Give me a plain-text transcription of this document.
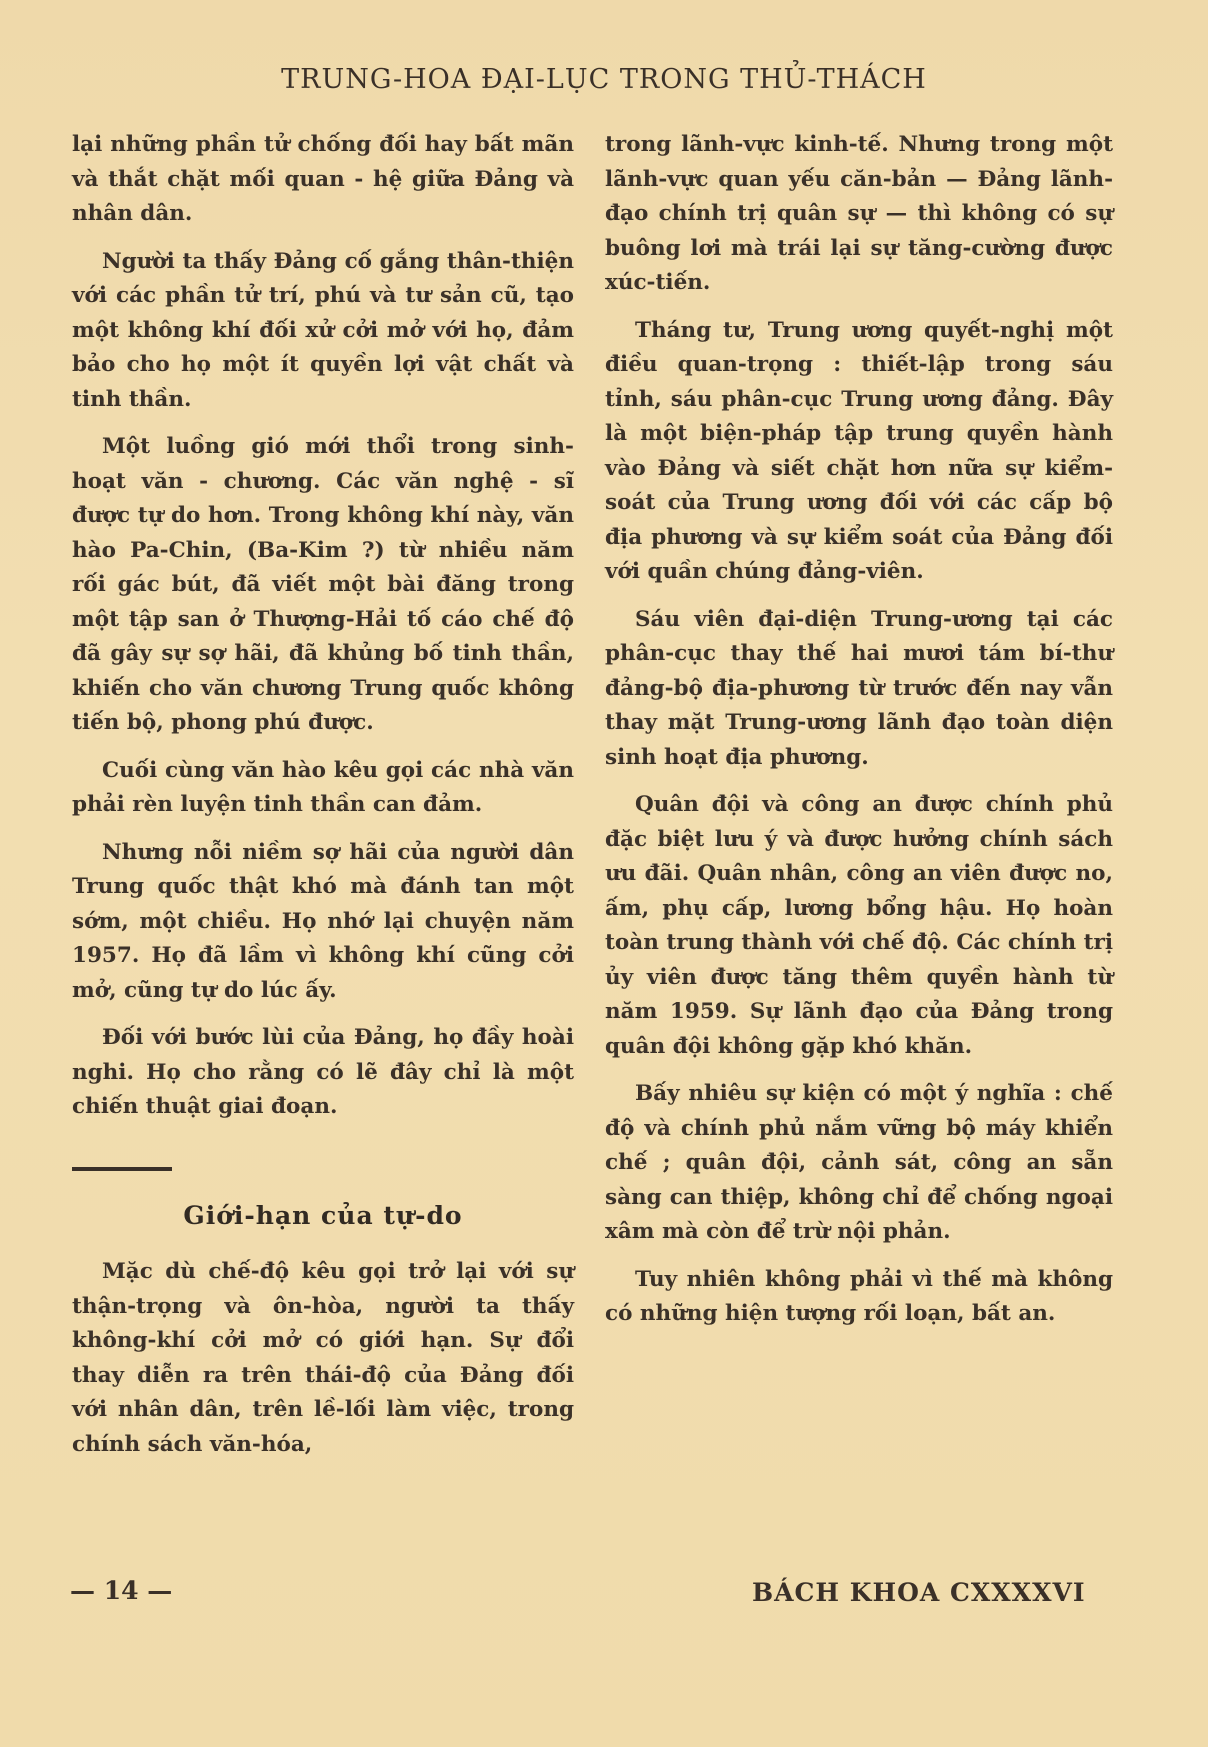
TRUNG-HOA ĐẠI-LỤC TRONG THỦ-THÁCH

lại những phần tử chống đối hay bất mãn và thắt chặt mối quan - hệ giữa Đảng và nhân dân.

Người ta thấy Đảng cố gắng thân-thiện với các phần tử trí, phú và tư sản cũ, tạo một không khí đối xử cởi mở với họ, đảm bảo cho họ một ít quyền lợi vật chất và tinh thần.

Một luồng gió mới thổi trong sinh-hoạt văn - chương. Các văn nghệ - sĩ được tự do hơn. Trong không khí này, văn hào Pa-Chin, (Ba-Kim ?) từ nhiều năm rối gác bút, đã viết một bài đăng trong một tập san ở Thượng-Hải tố cáo chế độ đã gây sự sợ hãi, đã khủng bố tinh thần, khiến cho văn chương Trung quốc không tiến bộ, phong phú được.

Cuối cùng văn hào kêu gọi các nhà văn phải rèn luyện tinh thần can đảm.

Nhưng nỗi niềm sợ hãi của người dân Trung quốc thật khó mà đánh tan một sớm, một chiều. Họ nhớ lại chuyện năm 1957. Họ đã lầm vì không khí cũng cởi mở, cũng tự do lúc ấy.

Đối với bước lùi của Đảng, họ đầy hoài nghi. Họ cho rằng có lẽ đây chỉ là một chiến thuật giai đoạn.

Giới-hạn của tự-do

Mặc dù chế-độ kêu gọi trở lại với sự thận-trọng và ôn-hòa, người ta thấy không-khí cởi mở có giới hạn. Sự đổi thay diễn ra trên thái-độ của Đảng đối với nhân dân, trên lề-lối làm việc, trong chính sách văn-hóa,

trong lãnh-vực kinh-tế. Nhưng trong một lãnh-vực quan yếu căn-bản — Đảng lãnh-đạo chính trị quân sự — thì không có sự buông lơi mà trái lại sự tăng-cường được xúc-tiến.

Tháng tư, Trung ương quyết-nghị một điều quan-trọng : thiết-lập trong sáu tỉnh, sáu phân-cục Trung ương đảng. Đây là một biện-pháp tập trung quyền hành vào Đảng và siết chặt hơn nữa sự kiểm-soát của Trung ương đối với các cấp bộ địa phương và sự kiểm soát của Đảng đối với quần chúng đảng-viên.

Sáu viên đại-diện Trung-ương tại các phân-cục thay thế hai mươi tám bí-thư đảng-bộ địa-phương từ trước đến nay vẫn thay mặt Trung-ương lãnh đạo toàn diện sinh hoạt địa phương.

Quân đội và công an được chính phủ đặc biệt lưu ý và được hưởng chính sách ưu đãi. Quân nhân, công an viên được no, ấm, phụ cấp, lương bổng hậu. Họ hoàn toàn trung thành với chế độ. Các chính trị ủy viên được tăng thêm quyền hành từ năm 1959. Sự lãnh đạo của Đảng trong quân đội không gặp khó khăn.

Bấy nhiêu sự kiện có một ý nghĩa : chế độ và chính phủ nắm vững bộ máy khiển chế ; quân đội, cảnh sát, công an sẵn sàng can thiệp, không chỉ để chống ngoại xâm mà còn để trừ nội phản.

Tuy nhiên không phải vì thế mà không có những hiện tượng rối loạn, bất an.

— 14 —	BÁCH KHOA CXXXXVI
